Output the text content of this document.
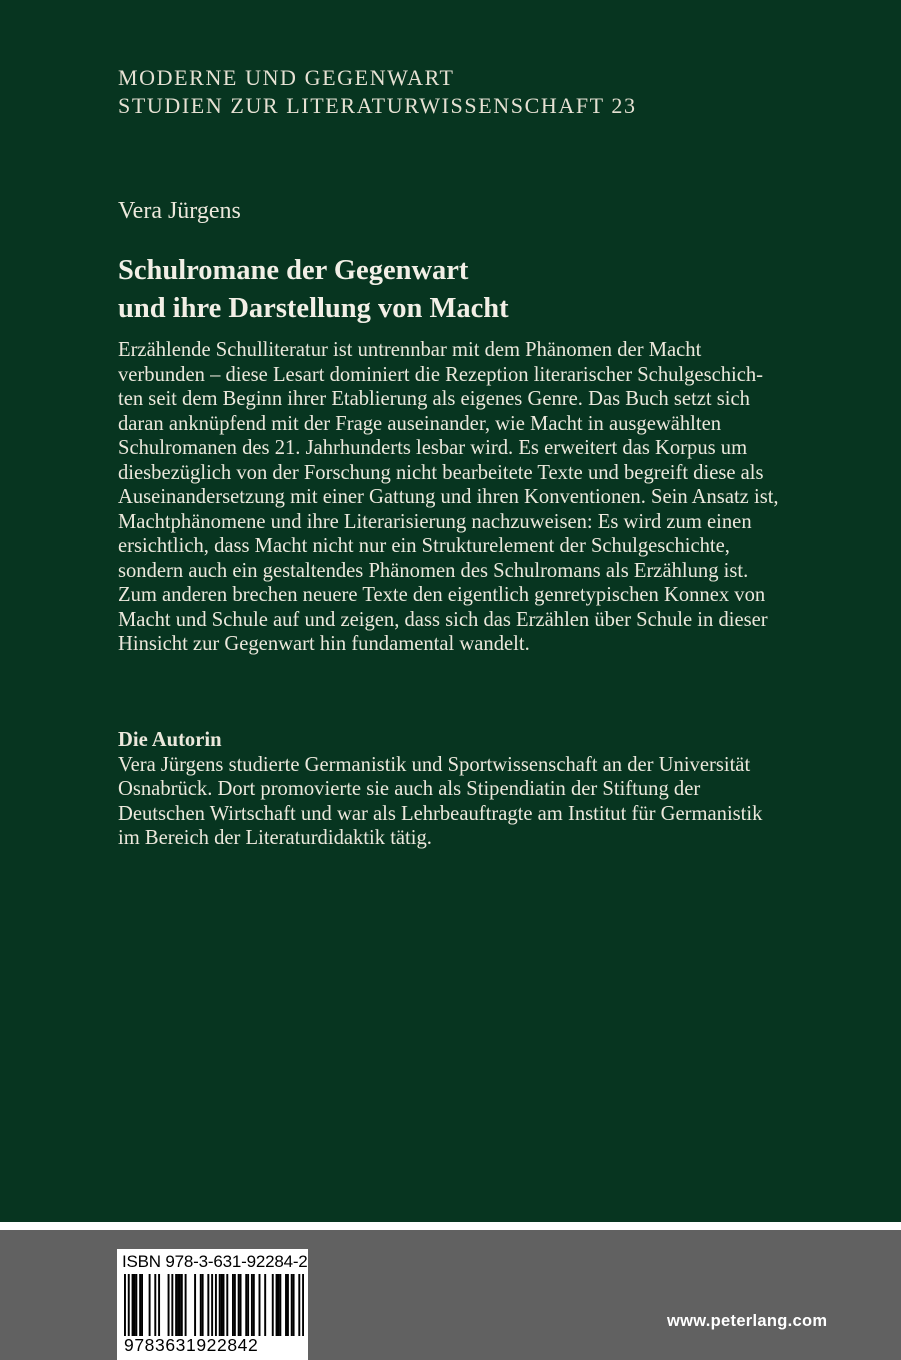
MODERNE UND GEGENWART
STUDIEN ZUR LITERATURWISSENSCHAFT 23
Vera Jürgens
Schulromane der Gegenwart
und ihre Darstellung von Macht
Erzählende Schulliteratur ist untrennbar mit dem Phänomen der Macht
verbunden – diese Lesart dominiert die Rezeption literarischer Schulgeschich-
ten seit dem Beginn ihrer Etablierung als eigenes Genre. Das Buch setzt sich
daran anknüpfend mit der Frage auseinander, wie Macht in ausgewählten
Schulromanen des 21. Jahrhunderts lesbar wird. Es erweitert das Korpus um
diesbezüglich von der Forschung nicht bearbeitete Texte und begreift diese als
Auseinandersetzung mit einer Gattung und ihren Konventionen. Sein Ansatz ist,
Machtphänomene und ihre Literarisierung nachzuweisen: Es wird zum einen
ersichtlich, dass Macht nicht nur ein Strukturelement der Schulgeschichte,
sondern auch ein gestaltendes Phänomen des Schulromans als Erzählung ist.
Zum anderen brechen neuere Texte den eigentlich genretypischen Konnex von
Macht und Schule auf und zeigen, dass sich das Erzählen über Schule in dieser
Hinsicht zur Gegenwart hin fundamental wandelt.
Die Autorin
Vera Jürgens studierte Germanistik und Sportwissenschaft an der Universität
Osnabrück. Dort promovierte sie auch als Stipendiatin der Stiftung der
Deutschen Wirtschaft und war als Lehrbeauftragte am Institut für Germanistik
im Bereich der Literaturdidaktik tätig.
ISBN 978-3-631-92284-2
9783631922842
www.peterlang.com
